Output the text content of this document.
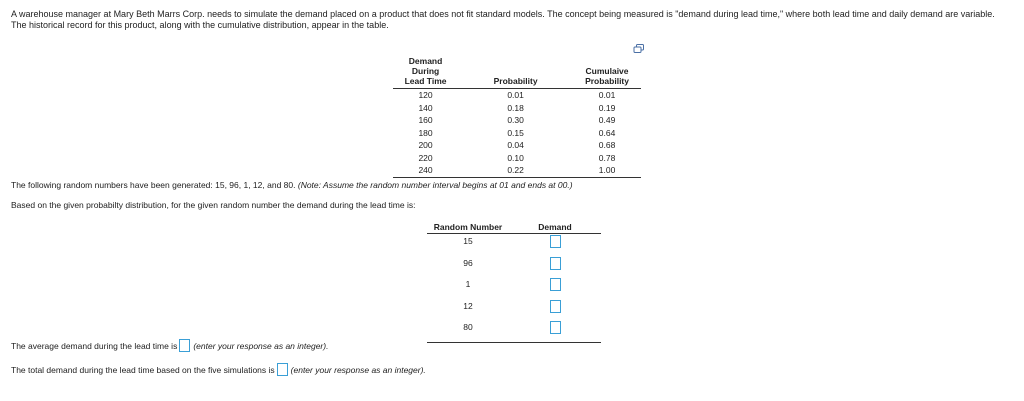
A warehouse manager at Mary Beth Marrs Corp. needs to simulate the demand placed on a product that does not fit standard models. The concept being measured is "demand during lead time," where both lead time and daily demand are variable. The historical record for this product, along with the cumulative distribution, appear in the table.
Demand During
Lead Time	Probability	Cumulaive
Probability
120	0.01	0.01
140	0.18	0.19
160	0.30	0.49
180	0.15	0.64
200	0.04	0.68
220	0.10	0.78
240	0.22	1.00
The following random numbers have been generated: 15, 96, 1, 12, and 80. (Note: Assume the random number interval begins at 01 and ends at 00.)
Based on the given probabilty distribution, for the given random number the demand during the lead time is:
Random Number	Demand
15	
96	
1	
12	
80	
The average demand during the lead time is (enter your response as an integer).
The total demand during the lead time based on the five simulations is (enter your response as an integer).
